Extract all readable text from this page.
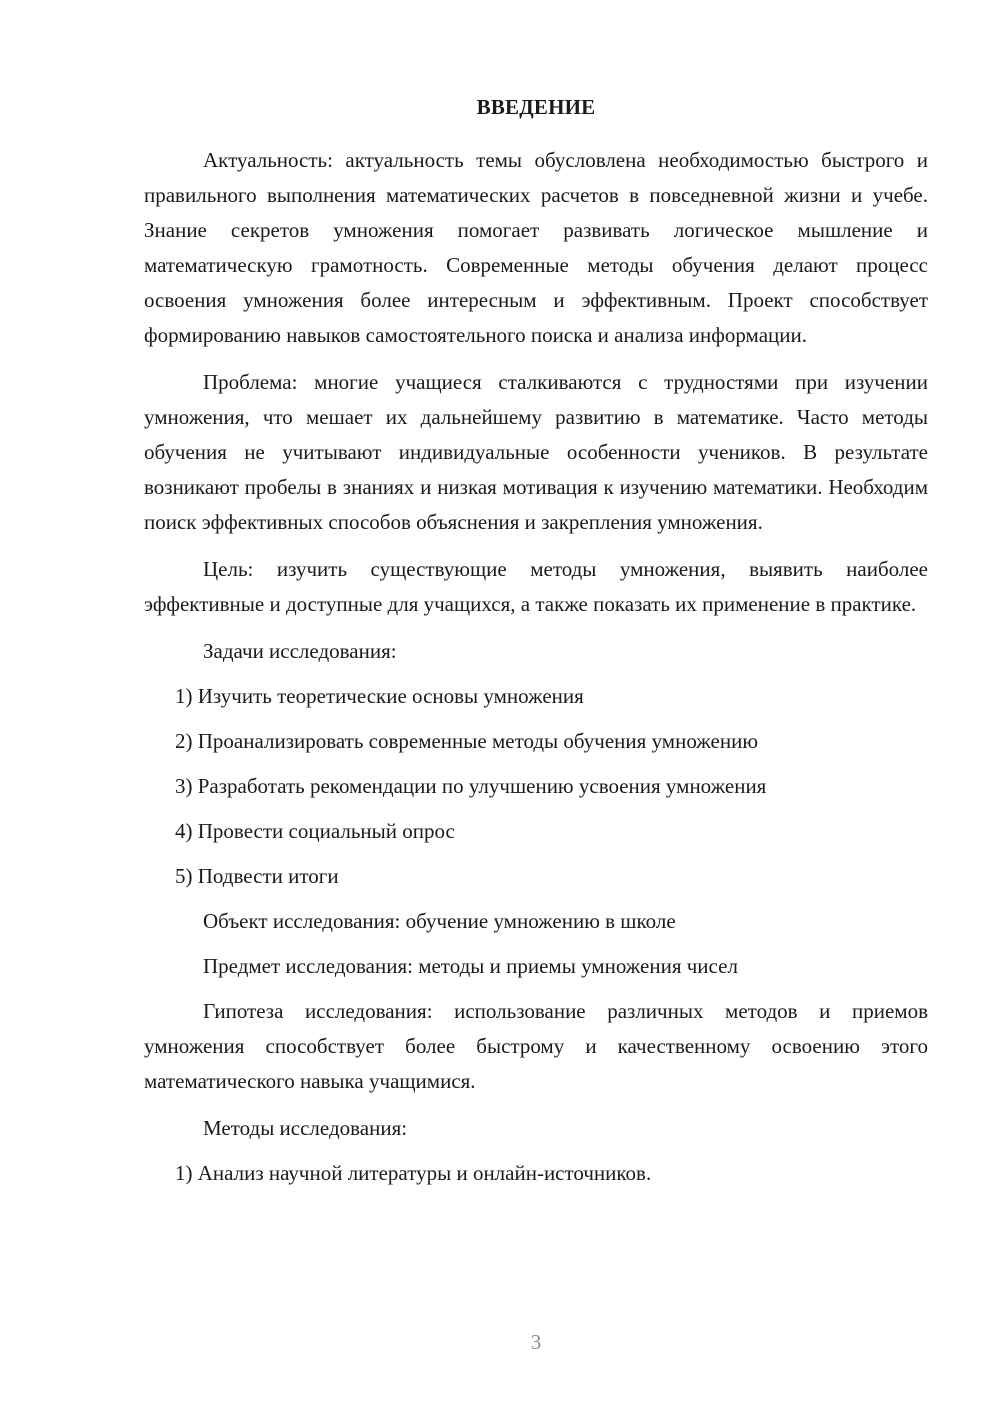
ВВЕДЕНИЕ

Актуальность: актуальность темы обусловлена необходимостью быстрого и правильного выполнения математических расчетов в повседневной жизни и учебе. Знание секретов умножения помогает развивать логическое мышление и математическую грамотность. Современные методы обучения делают процесс освоения умножения более интересным и эффективным. Проект способствует формированию навыков самостоятельного поиска и анализа информации.

Проблема: многие учащиеся сталкиваются с трудностями при изучении умножения, что мешает их дальнейшему развитию в математике. Часто методы обучения не учитывают индивидуальные особенности учеников. В результате возникают пробелы в знаниях и низкая мотивация к изучению математики. Необходим поиск эффективных способов объяснения и закрепления умножения.

Цель: изучить существующие методы умножения, выявить наиболее эффективные и доступные для учащихся, а также показать их применение в практике.

Задачи исследования:

1) Изучить теоретические основы умножения

2) Проанализировать современные методы обучения умножению

3) Разработать рекомендации по улучшению усвоения умножения

4) Провести социальный опрос

5) Подвести итоги

Объект исследования: обучение умножению в школе

Предмет исследования: методы и приемы умножения чисел

Гипотеза исследования: использование различных методов и приемов умножения способствует более быстрому и качественному освоению этого математического навыка учащимися.

Методы исследования:

1) Анализ научной литературы и онлайн-источников.

3
